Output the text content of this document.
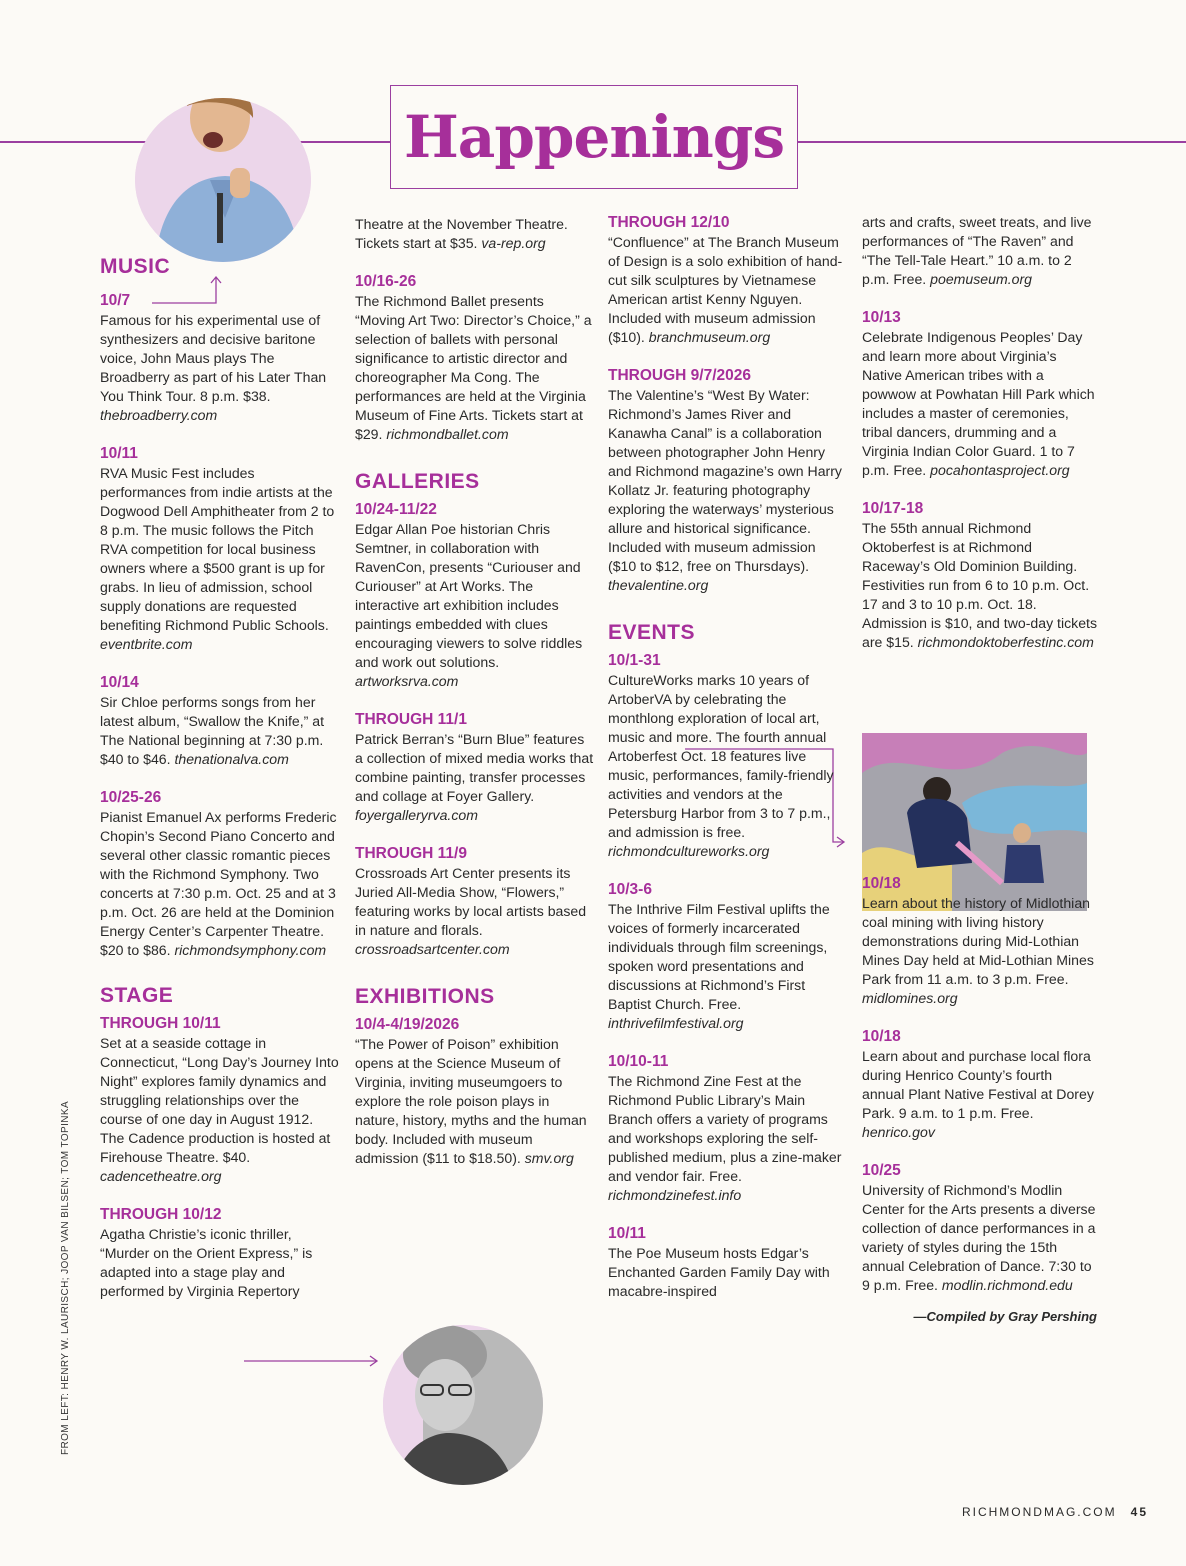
Happenings
FROM LEFT: HENRY W. LAURISCH; JOOP VAN BILSEN; TOM TOPINKA
MUSIC
10/7

Famous for his experimental use of synthesizers and decisive baritone voice, John Maus plays The Broadberry as part of his Later Than You Think Tour. 8 p.m. $38. thebroadberry.com

10/11

RVA Music Fest includes performances from indie artists at the Dogwood Dell Amphitheater from 2 to 8 p.m. The music follows the Pitch RVA competition for local business owners where a $500 grant is up for grabs. In lieu of admission, school supply donations are requested benefiting Richmond Public Schools. eventbrite.com

10/14

Sir Chloe performs songs from her latest album, “Swallow the Knife,” at The National beginning at 7:30 p.m. $40 to $46. thenationalva.com

10/25-26

Pianist Emanuel Ax performs Frederic Chopin’s Second Piano Concerto and several other classic romantic pieces with the Richmond Symphony. Two concerts at 7:30 p.m. Oct. 25 and at 3 p.m. Oct. 26 are held at the Dominion Energy Center’s Carpenter Theatre. $20 to $86. richmondsymphony.com

STAGE
THROUGH 10/11

Set at a seaside cottage in Connecticut, “Long Day’s Journey Into Night” explores family dynamics and struggling relationships over the course of one day in August 1912. The Cadence production is hosted at Firehouse Theatre. $40. cadencetheatre.org

THROUGH 10/12

Agatha Christie’s iconic thriller, “Murder on the Orient Express,” is adapted into a stage play and performed by Virginia Repertory

Theatre at the November Theatre. Tickets start at $35. va-rep.org

10/16-26

The Richmond Ballet presents “Moving Art Two: Director’s Choice,” a selection of ballets with personal significance to artistic director and choreographer Ma Cong. The performances are held at the Virginia Museum of Fine Arts. Tickets start at $29. richmondballet.com

GALLERIES
10/24-11/22

Edgar Allan Poe historian Chris Semtner, in collaboration with RavenCon, presents “Curiouser and Curiouser” at Art Works. The interactive art exhibition includes paintings embedded with clues encouraging viewers to solve riddles and work out solutions. artworksrva.com

THROUGH 11/1

Patrick Berran’s “Burn Blue” features a collection of mixed media works that combine painting, transfer processes and collage at Foyer Gallery. foyergalleryrva.com

THROUGH 11/9

Crossroads Art Center presents its Juried All-Media Show, “Flowers,” featuring works by local artists based in nature and florals. crossroadsartcenter.com

EXHIBITIONS
10/4-4/19/2026

“The Power of Poison” exhibition opens at the Science Museum of Virginia, inviting museumgoers to explore the role poison plays in nature, history, myths and the human body. Included with museum admission ($11 to $18.50). smv.org

THROUGH 12/10

“Confluence” at The Branch Museum of Design is a solo exhibition of hand-cut silk sculptures by Vietnamese American artist Kenny Nguyen. Included with museum admission ($10). branchmuseum.org

THROUGH 9/7/2026

The Valentine’s “West By Water: Richmond’s James River and Kanawha Canal” is a collaboration between photographer John Henry and Richmond magazine’s own Harry Kollatz Jr. featuring photography exploring the waterways’ mysterious allure and historical significance. Included with museum admission ($10 to $12, free on Thursdays). thevalentine.org

EVENTS
10/1-31

CultureWorks marks 10 years of ArtoberVA by celebrating the monthlong exploration of local art, music and more. The fourth annual Artoberfest Oct. 18 features live music, performances, family-friendly activities and vendors at the Petersburg Harbor from 3 to 7 p.m., and admission is free. richmondcultureworks.org

10/3-6

The Inthrive Film Festival uplifts the voices of formerly incarcerated individuals through film screenings, spoken word presentations and discussions at Richmond’s First Baptist Church. Free. inthrivefilmfestival.org

10/10-11

The Richmond Zine Fest at the Richmond Public Library’s Main Branch offers a variety of programs and workshops exploring the self-published medium, plus a zine-maker and vendor fair. Free. richmondzinefest.info

10/11

The Poe Museum hosts Edgar’s Enchanted Garden Family Day with macabre-inspired

arts and crafts, sweet treats, and live performances of “The Raven” and “The Tell-Tale Heart.” 10 a.m. to 2 p.m. Free. poemuseum.org

10/13

Celebrate Indigenous Peoples’ Day and learn more about Virginia’s Native American tribes with a powwow at Powhatan Hill Park which includes a master of ceremonies, tribal dancers, drumming and a Virginia Indian Color Guard. 1 to 7 p.m. Free. pocahontasproject.org

10/17-18

The 55th annual Richmond Oktoberfest is at Richmond Raceway’s Old Dominion Building. Festivities run from 6 to 10 p.m. Oct. 17 and 3 to 10 p.m. Oct. 18. Admission is $10, and two-day tickets are $15. richmondoktoberfestinc.com

10/18

Learn about the history of Midlothian coal mining with living history demonstrations during Mid-Lothian Mines Day held at Mid-Lothian Mines Park from 11 a.m. to 3 p.m. Free. midlomines.org

10/18

Learn about and purchase local flora during Henrico County’s fourth annual Plant Native Festival at Dorey Park. 9 a.m. to 1 p.m. Free. henrico.gov

10/25

University of Richmond’s Modlin Center for the Arts presents a diverse collection of dance performances in a variety of styles during the 15th annual Celebration of Dance. 7:30 to 9 p.m. Free. modlin.richmond.edu

—Compiled by Gray Pershing
RICHMONDMAG.COM 45
